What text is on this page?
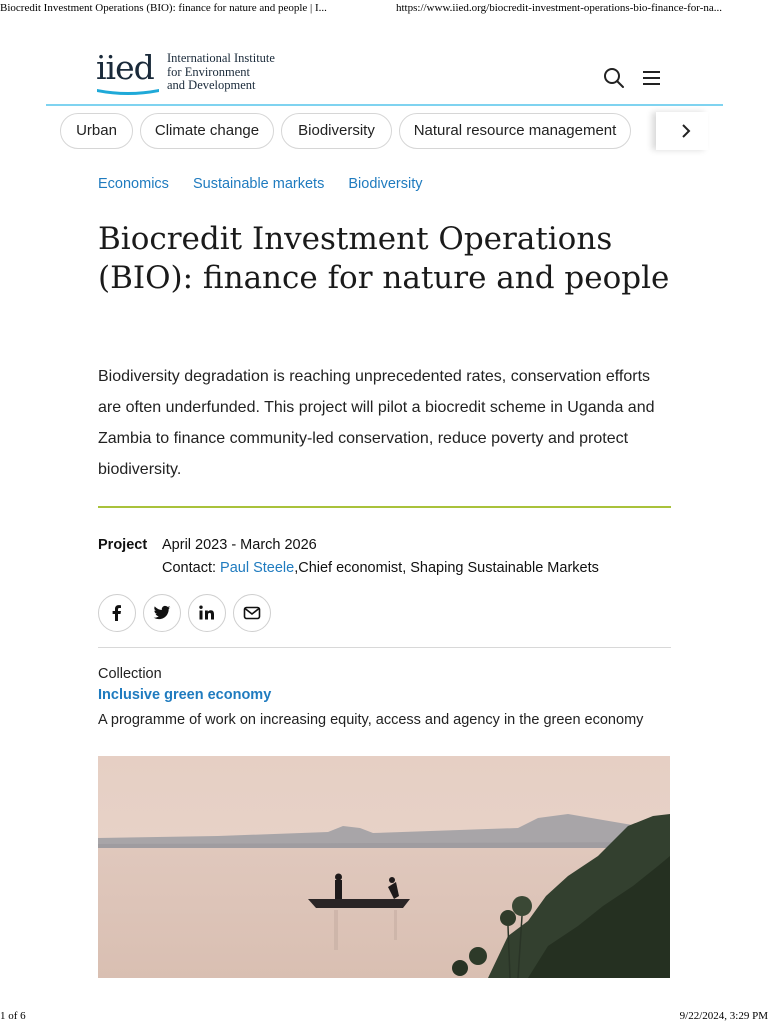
Biocredit Investment Operations (BIO): finance for nature and people | I...	https://www.iied.org/biocredit-investment-operations-bio-finance-for-na...
iied International Institute
for Environment
and Development
Urban	Climate change	Biodiversity	Natural resource management
Economics Sustainable markets Biodiversity
Biocredit Investment Operations (BIO): finance for nature and people

Biodiversity degradation is reaching unprecedented rates, conservation efforts are often underfunded. This project will pilot a biocredit scheme in Uganda and Zambia to finance community-led conservation, reduce poverty and protect biodiversity.

Project April 2023 - March 2026
Contact: Paul Steele,Chief economist, Shaping Sustainable Markets
Collection
Inclusive green economy
A programme of work on increasing equity, access and agency in the green economy
1 of 6	9/22/2024, 3:29 PM
